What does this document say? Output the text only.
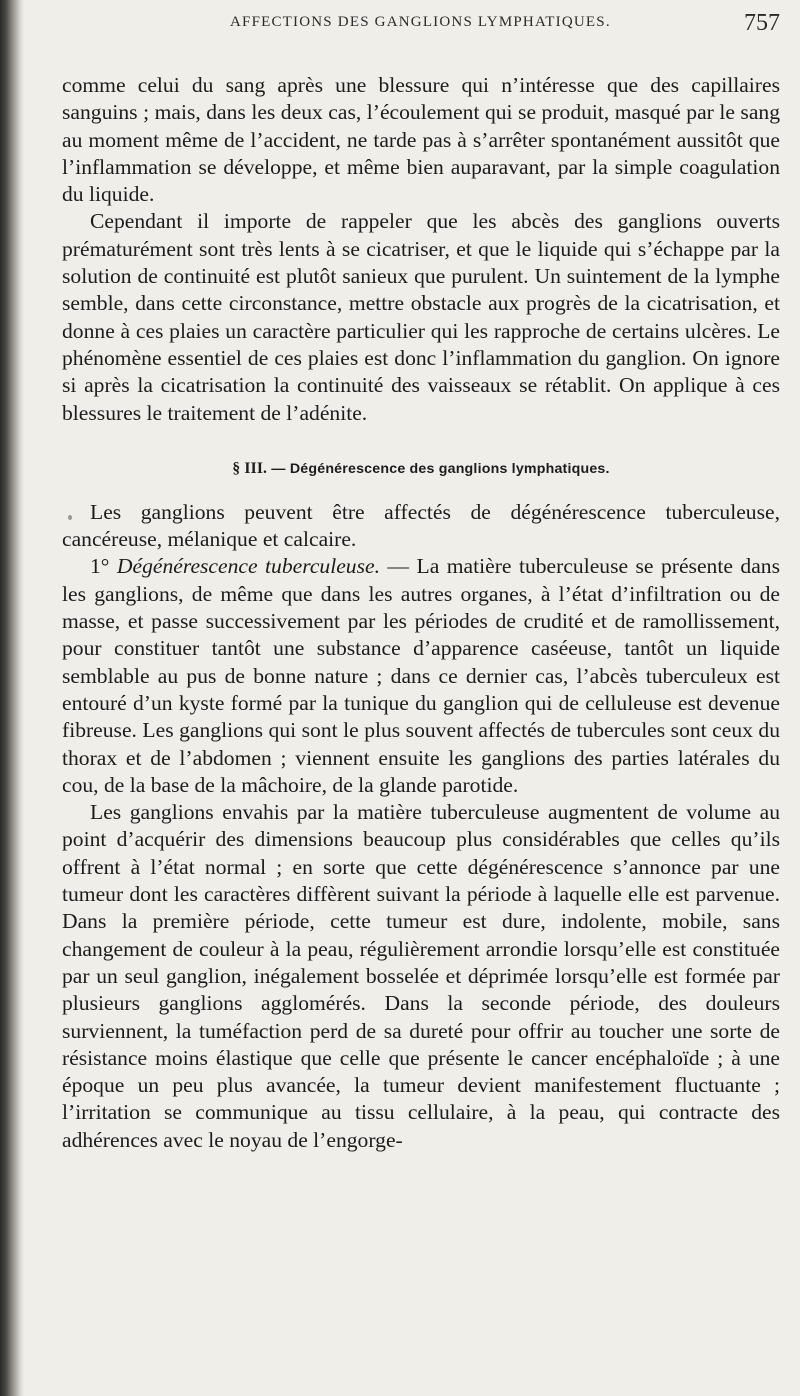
AFFECTIONS DES GANGLIONS LYMPHATIQUES.	757

comme celui du sang après une blessure qui n’intéresse que des capillaires sanguins ; mais, dans les deux cas, l’écoulement qui se produit, masqué par le sang au moment même de l’accident, ne tarde pas à s’arrêter spontanément aussitôt que l’inflammation se développe, et même bien auparavant, par la simple coagulation du liquide.

Cependant il importe de rappeler que les abcès des ganglions ouverts prématurément sont très lents à se cicatriser, et que le liquide qui s’échappe par la solution de continuité est plutôt sanieux que purulent. Un suintement de la lymphe semble, dans cette circonstance, mettre obstacle aux progrès de la cicatrisation, et donne à ces plaies un caractère particulier qui les rapproche de certains ulcères. Le phénomène essentiel de ces plaies est donc l’inflammation du ganglion. On ignore si après la cicatrisation la continuité des vaisseaux se rétablit. On applique à ces blessures le traitement de l’adénite.

§ III. — Dégénérescence des ganglions lymphatiques.

Les ganglions peuvent être affectés de dégénérescence tuberculeuse, cancéreuse, mélanique et calcaire.

1° Dégénérescence tuberculeuse. — La matière tuberculeuse se présente dans les ganglions, de même que dans les autres organes, à l’état d’infiltration ou de masse, et passe successivement par les périodes de crudité et de ramollissement, pour constituer tantôt une substance d’apparence caséeuse, tantôt un liquide semblable au pus de bonne nature ; dans ce dernier cas, l’abcès tuberculeux est entouré d’un kyste formé par la tunique du ganglion qui de celluleuse est devenue fibreuse. Les ganglions qui sont le plus souvent affectés de tubercules sont ceux du thorax et de l’abdomen ; viennent ensuite les ganglions des parties latérales du cou, de la base de la mâchoire, de la glande parotide.

Les ganglions envahis par la matière tuberculeuse augmentent de volume au point d’acquérir des dimensions beaucoup plus considérables que celles qu’ils offrent à l’état normal ; en sorte que cette dégénérescence s’annonce par une tumeur dont les caractères diffèrent suivant la période à laquelle elle est parvenue. Dans la première période, cette tumeur est dure, indolente, mobile, sans changement de couleur à la peau, régulièrement arrondie lorsqu’elle est constituée par un seul ganglion, inégalement bosselée et déprimée lorsqu’elle est formée par plusieurs ganglions agglomérés. Dans la seconde période, des douleurs surviennent, la tuméfaction perd de sa dureté pour offrir au toucher une sorte de résistance moins élastique que celle que présente le cancer encéphaloïde ; à une époque un peu plus avancée, la tumeur devient manifestement fluctuante ; l’irritation se communique au tissu cellulaire, à la peau, qui contracte des adhérences avec le noyau de l’engorge-
